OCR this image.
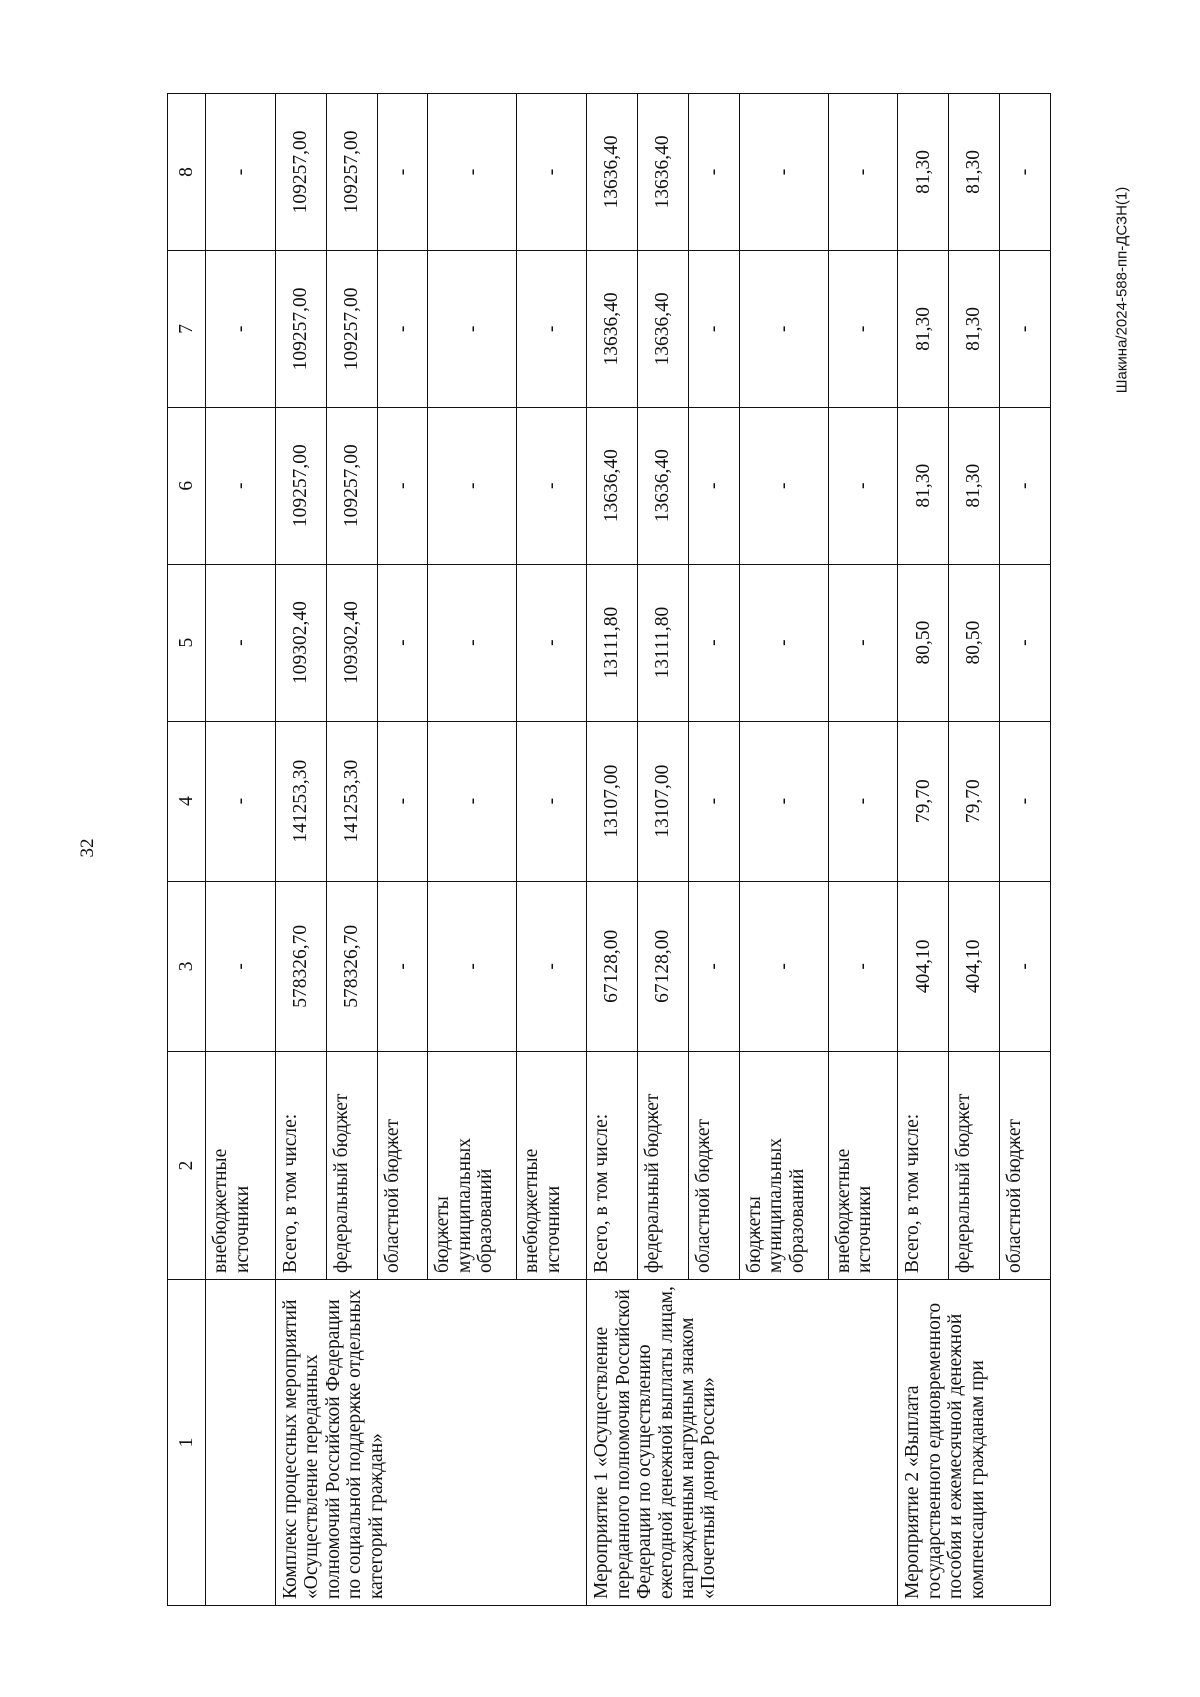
32
Шакина/2024-588-пп-ДСЗН(1)
1	2	3	4	5	6	7	8
	внебюджетные источники	-	-	-	-	-	-
Комплекс процессных мероприятий «Осуществление переданных полномочий Российской Федерации по социальной поддержке отдельных категорий граждан»	Всего, в том числе:	578326,70	141253,30	109302,40	109257,00	109257,00	109257,00
	федеральный бюджет	578326,70	141253,30	109302,40	109257,00	109257,00	109257,00
	областной бюджет	-	-	-	-	-	-
	бюджеты муниципальных образований	-	-	-	-	-	-
	внебюджетные источники	-	-	-	-	-	-
Мероприятие 1 «Осуществление переданного полномочия Российской Федерации по осуществлению ежегодной денежной выплаты лицам, награжденным нагрудным знаком «Почетный донор России»	Всего, в том числе:	67128,00	13107,00	13111,80	13636,40	13636,40	13636,40
	федеральный бюджет	67128,00	13107,00	13111,80	13636,40	13636,40	13636,40
	областной бюджет	-	-	-	-	-	-
	бюджеты муниципальных образований	-	-	-	-	-	-
	внебюджетные источники	-	-	-	-	-	-
Мероприятие 2 «Выплата государственного единовременного пособия и ежемесячной денежной компенсации гражданам при	Всего, в том числе:	404,10	79,70	80,50	81,30	81,30	81,30
	федеральный бюджет	404,10	79,70	80,50	81,30	81,30	81,30
	областной бюджет	-	-	-	-	-	-
